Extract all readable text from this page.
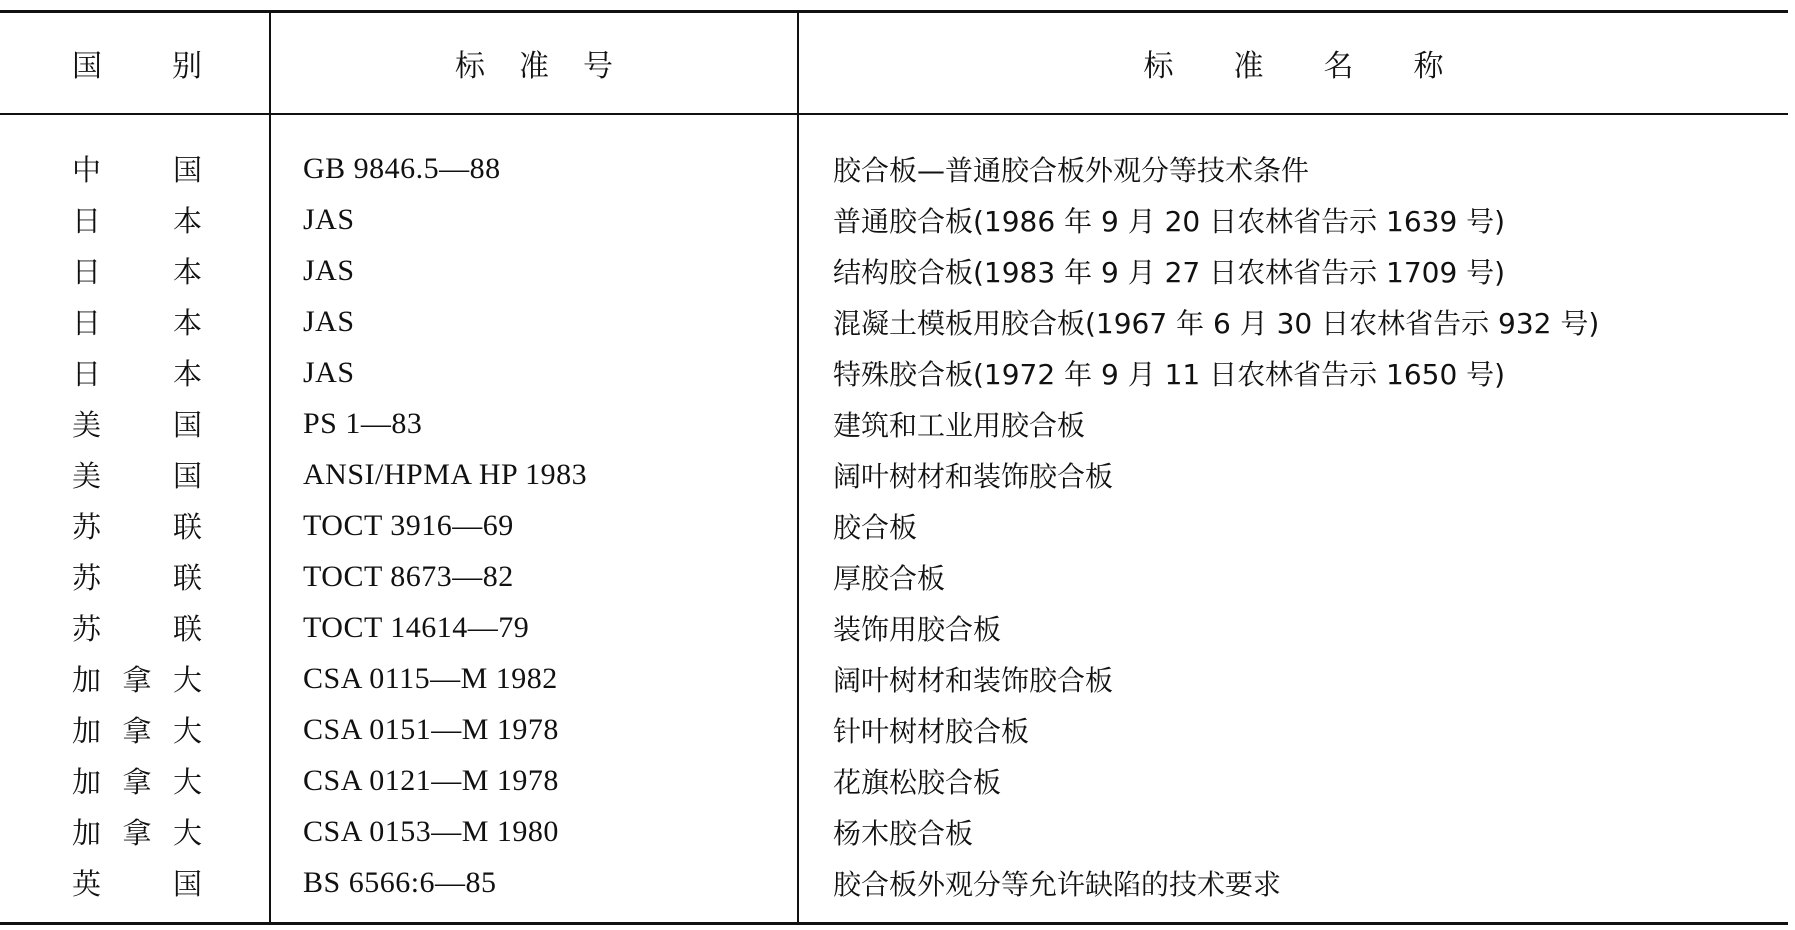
国 别	标准号	标 准 名 称

中 国	GB 9846.5—88	胶合板—普通胶合板外观分等技术条件

日 本	JAS	普通胶合板(1986 年 9 月 20 日农林省告示 1639 号)

日 本	JAS	结构胶合板(1983 年 9 月 27 日农林省告示 1709 号)

日 本	JAS	混凝土模板用胶合板(1967 年 6 月 30 日农林省告示 932 号)

日 本	JAS	特殊胶合板(1972 年 9 月 11 日农林省告示 1650 号)

美 国	PS 1—83	建筑和工业用胶合板

美 国	ANSI/HPMA HP 1983	阔叶树材和装饰胶合板

苏 联	TOCT 3916—69	胶合板

苏 联	TOCT 8673—82	厚胶合板

苏 联	TOCT 14614—79	装饰用胶合板

加 拿 大	CSA 0115—M 1982	阔叶树材和装饰胶合板

加 拿 大	CSA 0151—M 1978	针叶树材胶合板

加 拿 大	CSA 0121—M 1978	花旗松胶合板

加 拿 大	CSA 0153—M 1980	杨木胶合板

英 国	BS 6566:6—85	胶合板外观分等允许缺陷的技术要求
